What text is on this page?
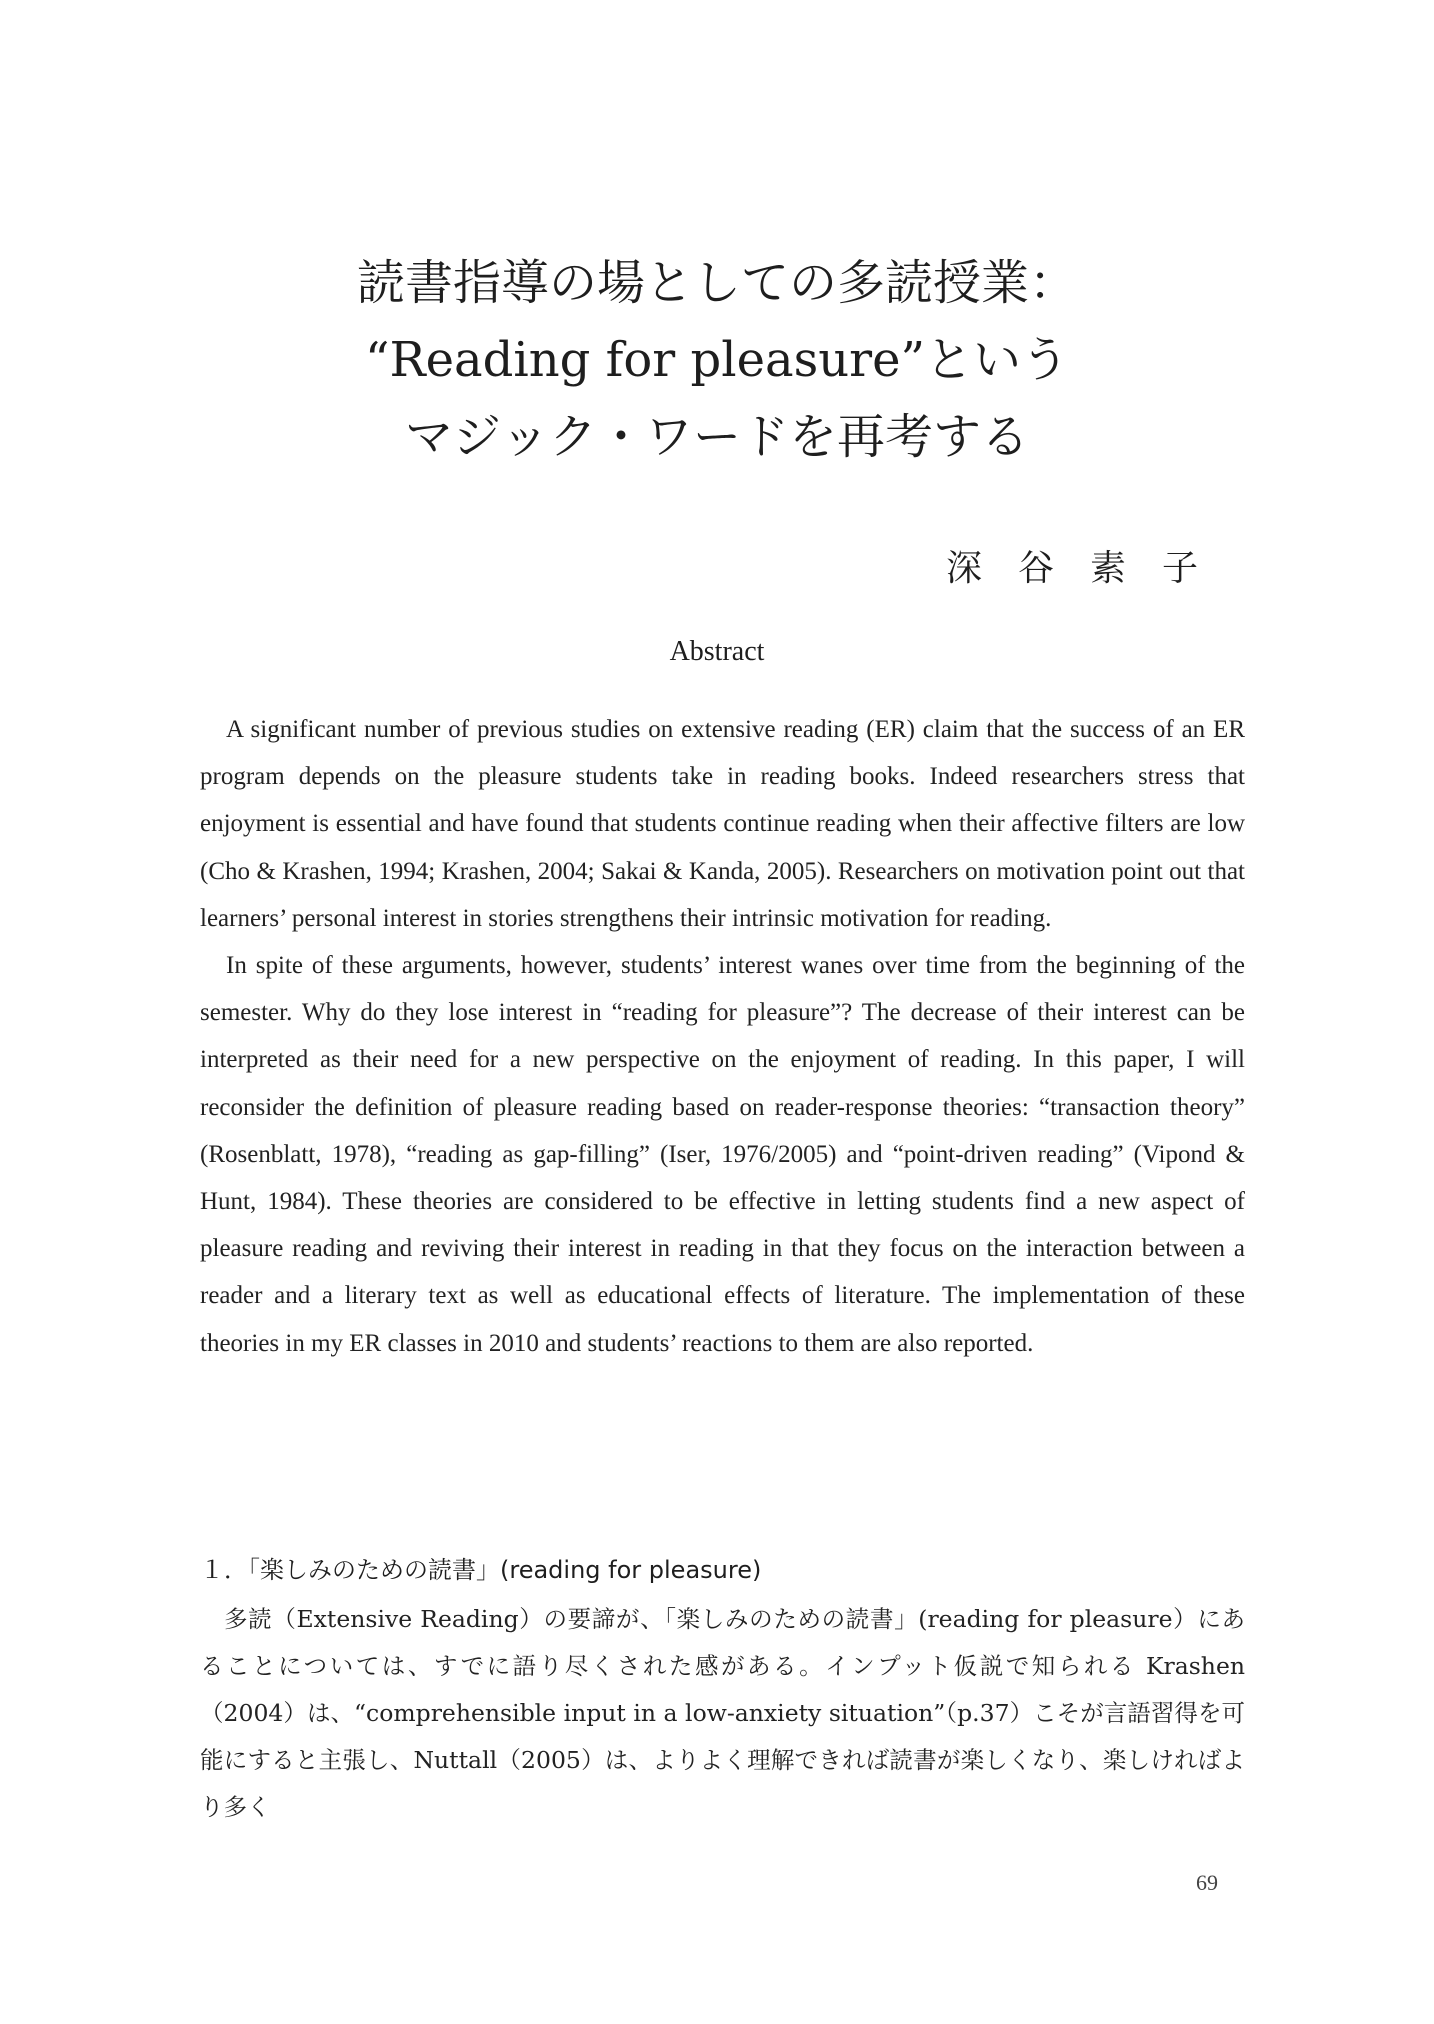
読書指導の場としての多読授業：
“Reading for pleasure”という
マジック・ワードを再考する
深谷素子
Abstract

A significant number of previous studies on extensive reading (ER) claim that the success of an ER program depends on the pleasure students take in reading books. Indeed researchers stress that enjoyment is essential and have found that students continue reading when their affective filters are low (Cho & Krashen, 1994; Krashen, 2004; Sakai & Kanda, 2005). Researchers on motivation point out that learners’ personal interest in stories strengthens their intrinsic motivation for reading.

In spite of these arguments, however, students’ interest wanes over time from the beginning of the semester. Why do they lose interest in “reading for pleasure”? The decrease of their interest can be interpreted as their need for a new perspective on the enjoyment of reading. In this paper, I will reconsider the definition of pleasure reading based on reader-response theories: “transaction theory” (Rosenblatt, 1978), “reading as gap-filling” (Iser, 1976/2005) and “point-driven reading” (Vipond & Hunt, 1984). These theories are considered to be effective in letting students find a new aspect of pleasure reading and reviving their interest in reading in that they focus on the interaction between a reader and a literary text as well as educational effects of literature. The implementation of these theories in my ER classes in 2010 and students’ reactions to them are also reported.

１．「楽しみのための読書」(reading for pleasure)

多読（Extensive Reading）の要諦が、「楽しみのための読書」(reading for pleasure）にあることについては、すでに語り尽くされた感がある。インプット仮説で知られる Krashen（2004）は、“comprehensible input in a low-anxiety situation”（p.37）こそが言語習得を可能にすると主張し、Nuttall（2005）は、よりよく理解できれば読書が楽しくなり、楽しければより多く

69
